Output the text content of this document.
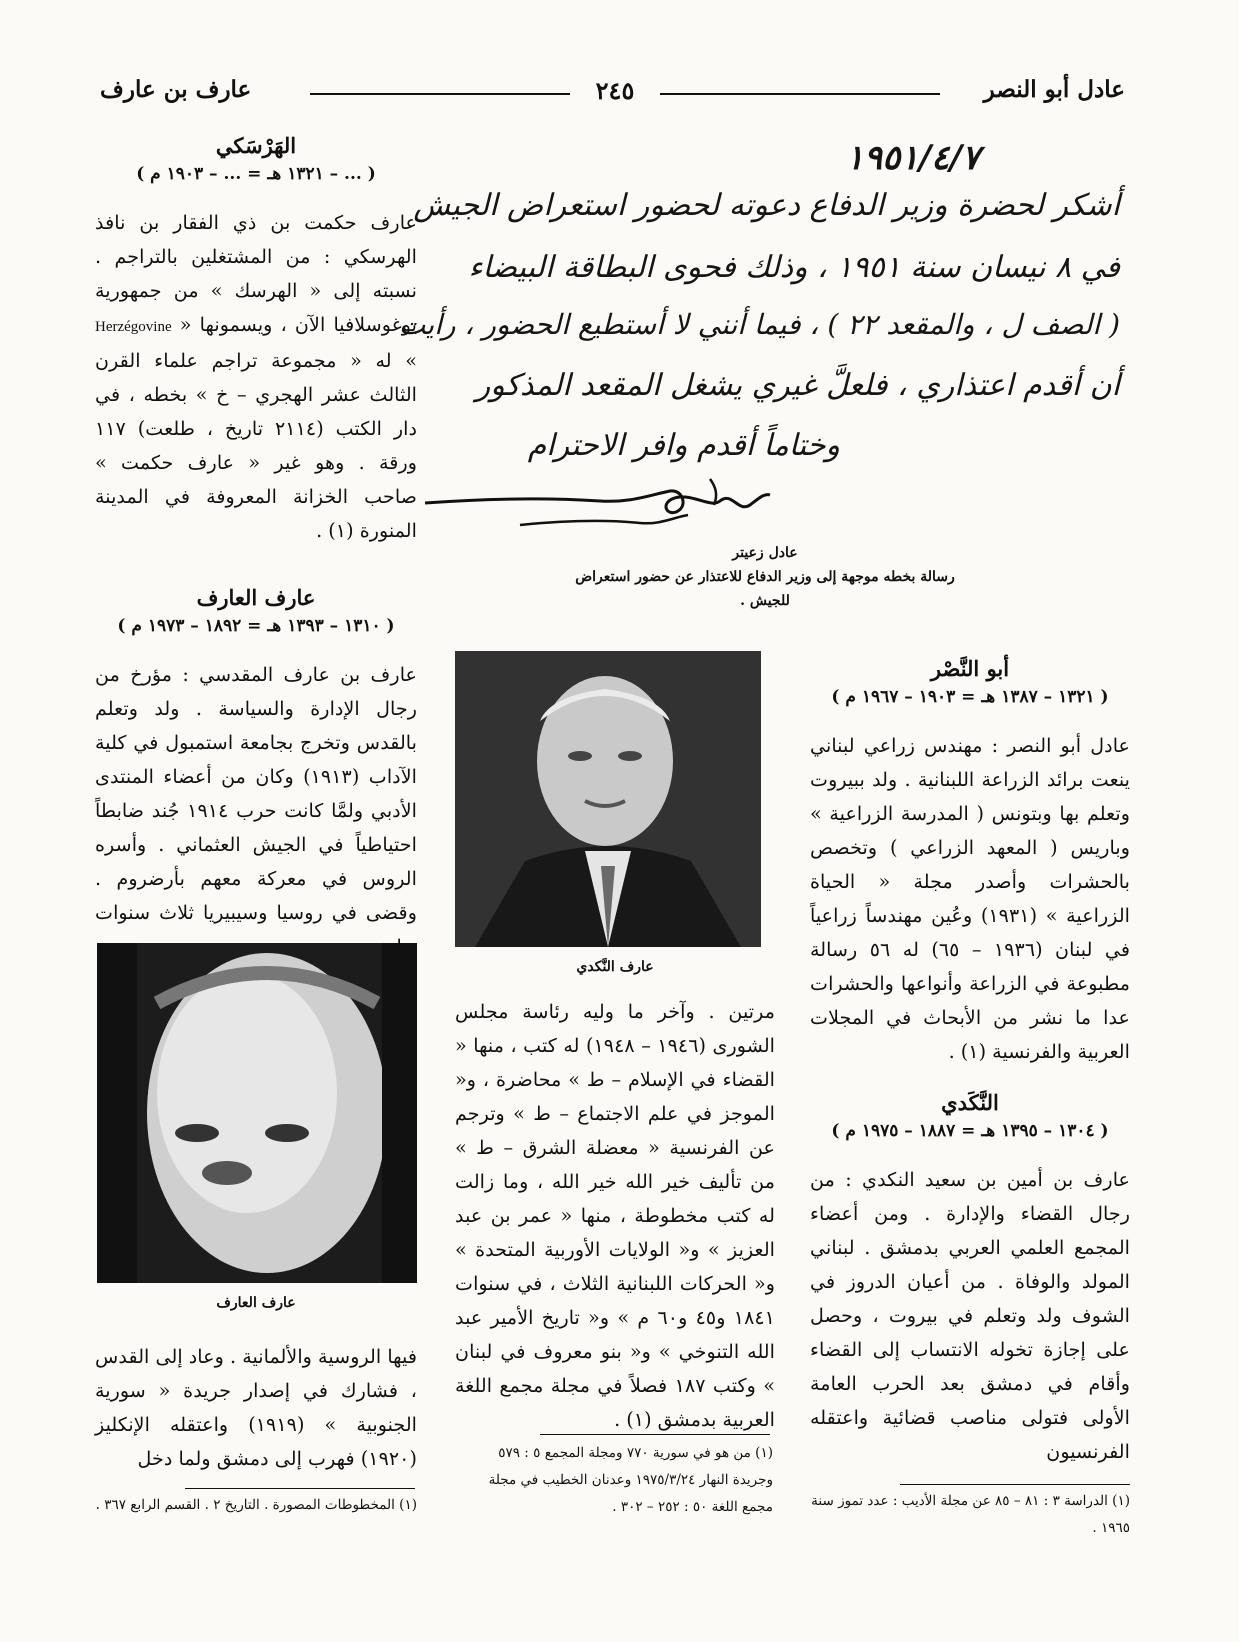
عادل أبو النصر
٢٤٥
عارف بن عارف
١٩٥١/٤/٧
أشكر لحضرة وزير الدفاع دعوته لحضور استعراض الجيش
في ٨ نيسان سنة ١٩٥١ ، وذلك فحوى البطاقة البيضاء
( الصف ل ، والمقعد ٢٢ ) ، فيما أنني لا أستطيع الحضور ، رأيت
أن أقدم اعتذاري ، فلعلَّ غيري يشغل المقعد المذكور
وختاماً أقدم وافر الاحترام
عادل زعيتر
رسالة بخطه موجهة إلى وزير الدفاع للاعتذار عن حضور استعراض للجيش .
الهَرْسَكي
( ... – ١٣٢١ هـ = ... – ١٩٠٣ م )
عارف حكمت بن ذي الفقار بن نافذ الهرسكي : من المشتغلين بالتراجم . نسبته إلى « الهرسك » من جمهورية يوغوسلافيا الآن ، ويسمونها « Herzégovine » له « مجموعة تراجم علماء القرن الثالث عشر الهجري – خ » بخطه ، في دار الكتب (٢١١٤ تاريخ ، طلعت) ١١٧ ورقة . وهو غير « عارف حكمت » صاحب الخزانة المعروفة في المدينة المنورة (١) .
عارف العارف
( ١٣١٠ – ١٣٩٣ هـ = ١٨٩٢ – ١٩٧٣ م )
عارف بن عارف المقدسي : مؤرخ من رجال الإدارة والسياسة . ولد وتعلم بالقدس وتخرج بجامعة استمبول في كلية الآداب (١٩١٣) وكان من أعضاء المنتدى الأدبي ولمَّا كانت حرب ١٩١٤ جُند ضابطاً احتياطياً في الجيش العثماني . وأسره الروس في معركة معهم بأرضروم . وقضى في روسيا وسيبيريا ثلاث سنوات
عارف العارف
فيها الروسية والألمانية . وعاد إلى القدس ، فشارك في إصدار جريدة « سورية الجنوبية » (١٩١٩) واعتقله الإنكليز (١٩٢٠) فهرب إلى دمشق ولما دخل
(١) المخطوطات المصورة . التاريخ ٢ . القسم الرابع ٣٦٧ .
عارف النَّكدي
مرتين . وآخر ما وليه رئاسة مجلس الشورى (١٩٤٦ – ١٩٤٨) له كتب ، منها « القضاء في الإسلام – ط » محاضرة ، و« الموجز في علم الاجتماع – ط » وترجم عن الفرنسية « معضلة الشرق – ط » من تأليف خير الله خير الله ، وما زالت له كتب مخطوطة ، منها « عمر بن عبد العزيز » و« الولايات الأوربية المتحدة » و« الحركات اللبنانية الثلاث ، في سنوات ١٨٤١ و٤٥ و٦٠ م » و« تاريخ الأمير عبد الله التنوخي » و« بنو معروف في لبنان » وكتب ١٨٧ فصلاً في مجلة مجمع اللغة العربية بدمشق (١) .
(١) من هو في سورية ٧٧٠ ومجلة المجمع ٥ : ٥٧٩ وجريدة النهار ١٩٧٥/٣/٢٤ وعدنان الخطيب في مجلة مجمع اللغة ٥٠ : ٢٥٢ – ٣٠٢ .
أبو النَّصْر
( ١٣٢١ – ١٣٨٧ هـ = ١٩٠٣ – ١٩٦٧ م )
عادل أبو النصر : مهندس زراعي لبناني ينعت برائد الزراعة اللبنانية . ولد ببيروت وتعلم بها وبتونس ( المدرسة الزراعية » وباريس ( المعهد الزراعي ) وتخصص بالحشرات وأصدر مجلة « الحياة الزراعية » (١٩٣١) وعُين مهندساً زراعياً في لبنان (١٩٣٦ – ٦٥) له ٥٦ رسالة مطبوعة في الزراعة وأنواعها والحشرات عدا ما نشر من الأبحاث في المجلات العربية والفرنسية (١) .
النَّكَدي
( ١٣٠٤ – ١٣٩٥ هـ = ١٨٨٧ – ١٩٧٥ م )
عارف بن أمين بن سعيد النكدي : من رجال القضاء والإدارة . ومن أعضاء المجمع العلمي العربي بدمشق . لبناني المولد والوفاة . من أعيان الدروز في الشوف ولد وتعلم في بيروت ، وحصل على إجازة تخوله الانتساب إلى القضاء وأقام في دمشق بعد الحرب العامة الأولى فتولى مناصب قضائية واعتقله الفرنسيون
(١) الدراسة ٣ : ٨١ – ٨٥ عن مجلة الأديب : عدد تموز سنة ١٩٦٥ .
